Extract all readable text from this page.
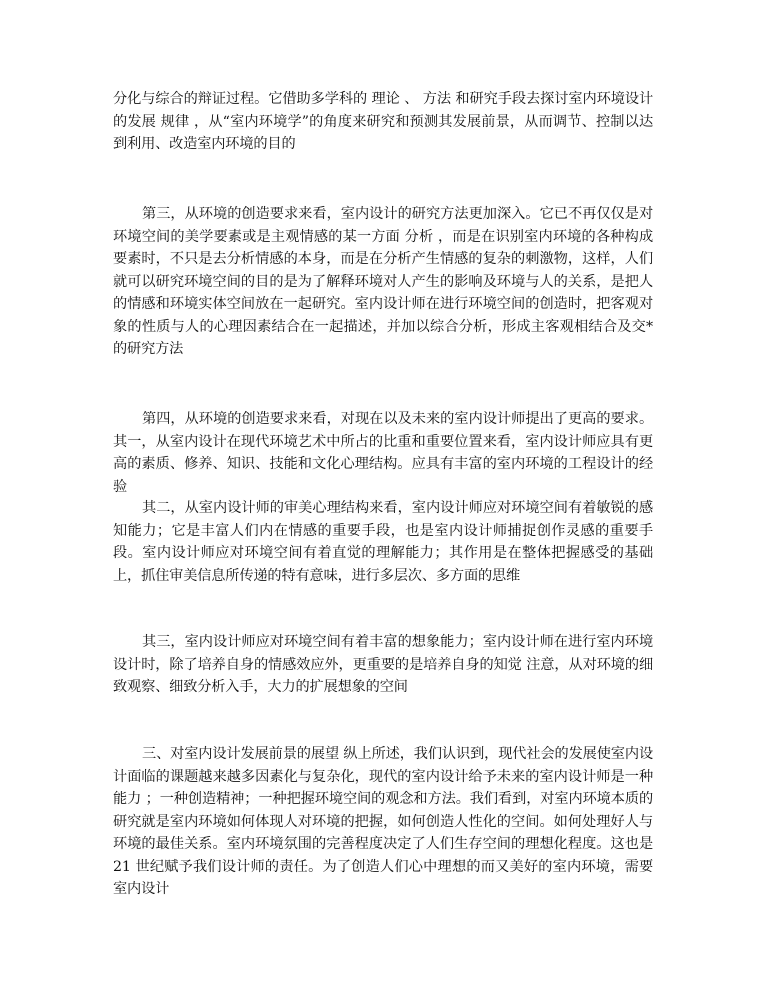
分化与综合的辩证过程。它借助多学科的 理论 、 方法 和研究手段去探讨室内环境设计的发展 规律 ，从“室内环境学”的角度来研究和预测其发展前景，从而调节、控制以达到利用、改造室内环境的目的

第三，从环境的创造要求来看，室内设计的研究方法更加深入。它已不再仅仅是对环境空间的美学要素或是主观情感的某一方面 分析 ，而是在识别室内环境的各种构成要素时，不只是去分析情感的本身，而是在分析产生情感的复杂的刺激物，这样，人们就可以研究环境空间的目的是为了解释环境对人产生的影响及环境与人的关系，是把人的情感和环境实体空间放在一起研究。室内设计师在进行环境空间的创造时，把客观对象的性质与人的心理因素结合在一起描述，并加以综合分析，形成主客观相结合及交*的研究方法

第四，从环境的创造要求来看，对现在以及未来的室内设计师提出了更高的要求。其一，从室内设计在现代环境艺术中所占的比重和重要位置来看，室内设计师应具有更高的素质、修养、知识、技能和文化心理结构。应具有丰富的室内环境的工程设计的经验

其二，从室内设计师的审美心理结构来看，室内设计师应对环境空间有着敏锐的感知能力；它是丰富人们内在情感的重要手段，也是室内设计师捕捉创作灵感的重要手段。室内设计师应对环境空间有着直觉的理解能力；其作用是在整体把握感受的基础上，抓住审美信息所传递的特有意味，进行多层次、多方面的思维

其三，室内设计师应对环境空间有着丰富的想象能力；室内设计师在进行室内环境设计时，除了培养自身的情感效应外，更重要的是培养自身的知觉 注意，从对环境的细致观察、细致分析入手，大力的扩展想象的空间

三、对室内设计发展前景的展望 纵上所述，我们认识到，现代社会的发展使室内设计面临的课题越来越多因素化与复杂化，现代的室内设计给予未来的室内设计师是一种能力 ；一种创造精神；一种把握环境空间的观念和方法。我们看到，对室内环境本质的研究就是室内环境如何体现人对环境的把握，如何创造人性化的空间。如何处理好人与环境的最佳关系。室内环境氛围的完善程度决定了人们生存空间的理想化程度。这也是 21 世纪赋予我们设计师的责任。为了创造人们心中理想的而又美好的室内环境，需要室内设计
